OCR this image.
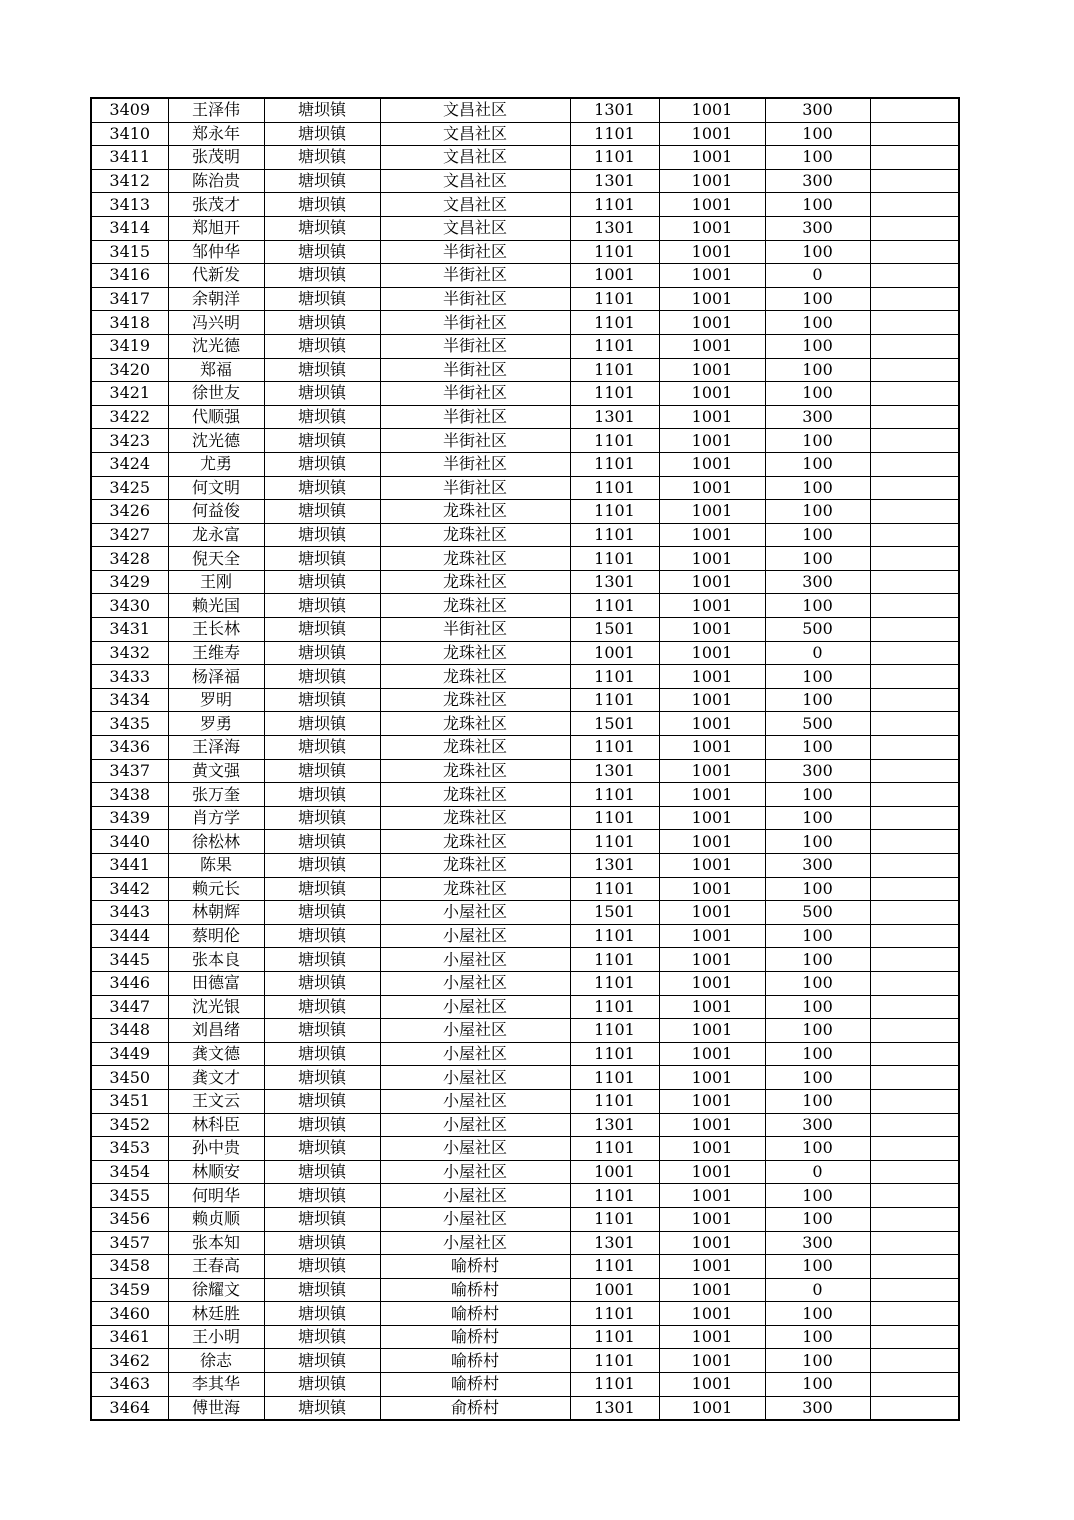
3409	王泽伟	塘坝镇	文昌社区	1301	1001	300	
3410	郑永年	塘坝镇	文昌社区	1101	1001	100	
3411	张茂明	塘坝镇	文昌社区	1101	1001	100	
3412	陈治贵	塘坝镇	文昌社区	1301	1001	300	
3413	张茂才	塘坝镇	文昌社区	1101	1001	100	
3414	郑旭开	塘坝镇	文昌社区	1301	1001	300	
3415	邹仲华	塘坝镇	半街社区	1101	1001	100	
3416	代新发	塘坝镇	半街社区	1001	1001	0	
3417	余朝洋	塘坝镇	半街社区	1101	1001	100	
3418	冯兴明	塘坝镇	半街社区	1101	1001	100	
3419	沈光德	塘坝镇	半街社区	1101	1001	100	
3420	郑福	塘坝镇	半街社区	1101	1001	100	
3421	徐世友	塘坝镇	半街社区	1101	1001	100	
3422	代顺强	塘坝镇	半街社区	1301	1001	300	
3423	沈光德	塘坝镇	半街社区	1101	1001	100	
3424	尤勇	塘坝镇	半街社区	1101	1001	100	
3425	何文明	塘坝镇	半街社区	1101	1001	100	
3426	何益俊	塘坝镇	龙珠社区	1101	1001	100	
3427	龙永富	塘坝镇	龙珠社区	1101	1001	100	
3428	倪天全	塘坝镇	龙珠社区	1101	1001	100	
3429	王刚	塘坝镇	龙珠社区	1301	1001	300	
3430	赖光国	塘坝镇	龙珠社区	1101	1001	100	
3431	王长林	塘坝镇	半街社区	1501	1001	500	
3432	王维寿	塘坝镇	龙珠社区	1001	1001	0	
3433	杨泽福	塘坝镇	龙珠社区	1101	1001	100	
3434	罗明	塘坝镇	龙珠社区	1101	1001	100	
3435	罗勇	塘坝镇	龙珠社区	1501	1001	500	
3436	王泽海	塘坝镇	龙珠社区	1101	1001	100	
3437	黄文强	塘坝镇	龙珠社区	1301	1001	300	
3438	张万奎	塘坝镇	龙珠社区	1101	1001	100	
3439	肖方学	塘坝镇	龙珠社区	1101	1001	100	
3440	徐松林	塘坝镇	龙珠社区	1101	1001	100	
3441	陈果	塘坝镇	龙珠社区	1301	1001	300	
3442	赖元长	塘坝镇	龙珠社区	1101	1001	100	
3443	林朝辉	塘坝镇	小屋社区	1501	1001	500	
3444	蔡明伦	塘坝镇	小屋社区	1101	1001	100	
3445	张本良	塘坝镇	小屋社区	1101	1001	100	
3446	田德富	塘坝镇	小屋社区	1101	1001	100	
3447	沈光银	塘坝镇	小屋社区	1101	1001	100	
3448	刘昌绪	塘坝镇	小屋社区	1101	1001	100	
3449	龚文德	塘坝镇	小屋社区	1101	1001	100	
3450	龚文才	塘坝镇	小屋社区	1101	1001	100	
3451	王文云	塘坝镇	小屋社区	1101	1001	100	
3452	林科臣	塘坝镇	小屋社区	1301	1001	300	
3453	孙中贵	塘坝镇	小屋社区	1101	1001	100	
3454	林顺安	塘坝镇	小屋社区	1001	1001	0	
3455	何明华	塘坝镇	小屋社区	1101	1001	100	
3456	赖贞顺	塘坝镇	小屋社区	1101	1001	100	
3457	张本知	塘坝镇	小屋社区	1301	1001	300	
3458	王春高	塘坝镇	喻桥村	1101	1001	100	
3459	徐耀文	塘坝镇	喻桥村	1001	1001	0	
3460	林廷胜	塘坝镇	喻桥村	1101	1001	100	
3461	王小明	塘坝镇	喻桥村	1101	1001	100	
3462	徐志	塘坝镇	喻桥村	1101	1001	100	
3463	李其华	塘坝镇	喻桥村	1101	1001	100	
3464	傅世海	塘坝镇	俞桥村	1301	1001	300	
